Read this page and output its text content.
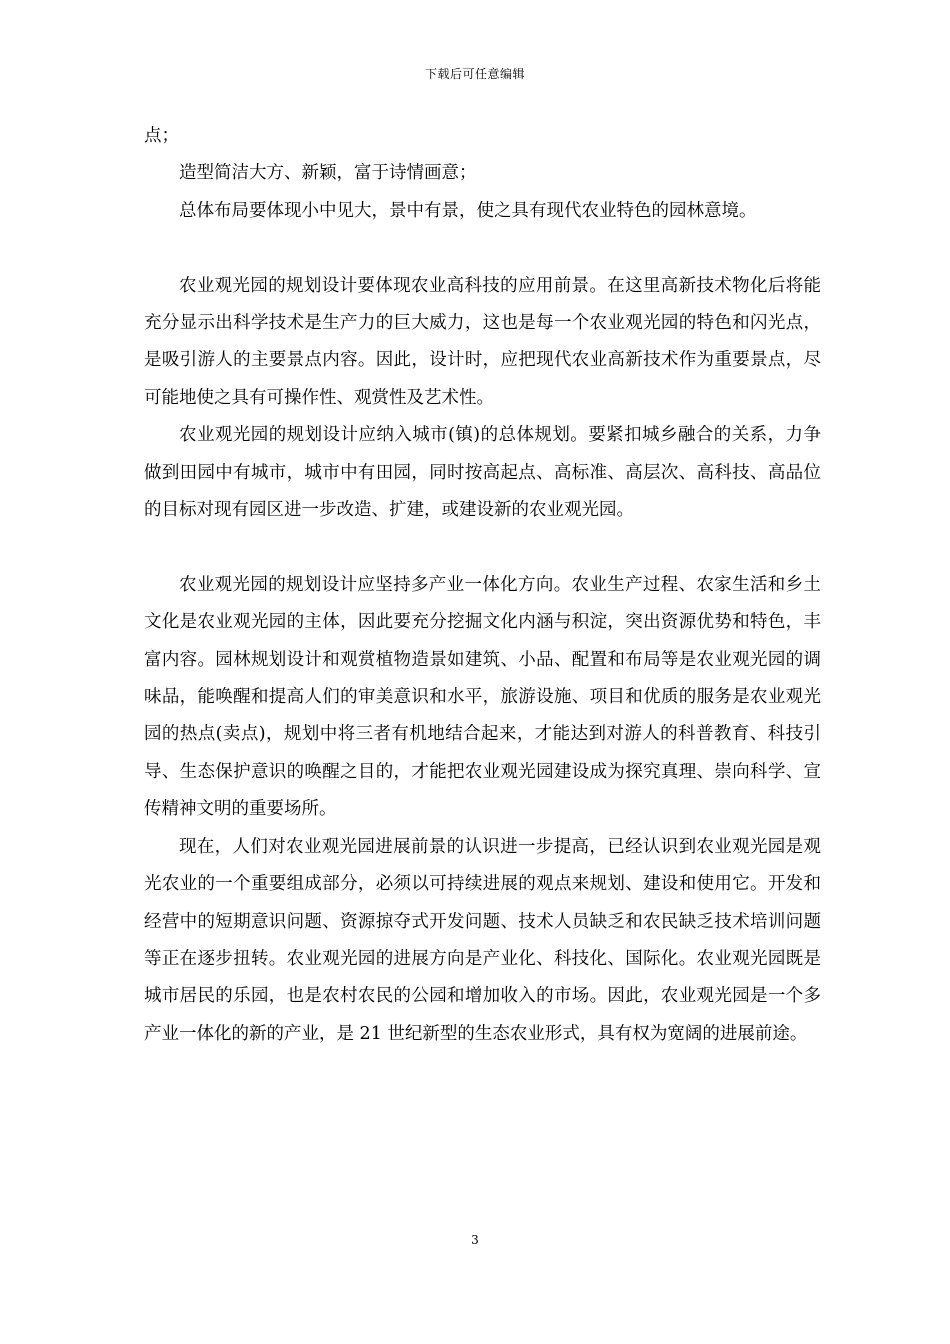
下载后可任意编辑

点；

造型简洁大方、新颖，富于诗情画意；

总体布局要体现小中见大，景中有景，使之具有现代农业特色的园林意境。

农业观光园的规划设计要体现农业高科技的应用前景。在这里高新技术物化后将能充分显示出科学技术是生产力的巨大威力，这也是每一个农业观光园的特色和闪光点，是吸引游人的主要景点内容。因此，设计时，应把现代农业高新技术作为重要景点，尽可能地使之具有可操作性、观赏性及艺术性。

农业观光园的规划设计应纳入城市(镇)的总体规划。要紧扣城乡融合的关系，力争做到田园中有城市，城市中有田园，同时按高起点、高标准、高层次、高科技、高品位的目标对现有园区进一步改造、扩建，或建设新的农业观光园。

农业观光园的规划设计应坚持多产业一体化方向。农业生产过程、农家生活和乡土文化是农业观光园的主体，因此要充分挖掘文化内涵与积淀，突出资源优势和特色，丰富内容。园林规划设计和观赏植物造景如建筑、小品、配置和布局等是农业观光园的调味品，能唤醒和提高人们的审美意识和水平，旅游设施、项目和优质的服务是农业观光园的热点(卖点)，规划中将三者有机地结合起来，才能达到对游人的科普教育、科技引导、生态保护意识的唤醒之目的，才能把农业观光园建设成为探究真理、崇向科学、宣传精神文明的重要场所。

现在，人们对农业观光园进展前景的认识进一步提高，已经认识到农业观光园是观光农业的一个重要组成部分，必须以可持续进展的观点来规划、建设和使用它。开发和经营中的短期意识问题、资源掠夺式开发问题、技术人员缺乏和农民缺乏技术培训问题等正在逐步扭转。农业观光园的进展方向是产业化、科技化、国际化。农业观光园既是城市居民的乐园，也是农村农民的公园和增加收入的市场。因此，农业观光园是一个多产业一体化的新的产业，是 21 世纪新型的生态农业形式，具有权为宽阔的进展前途。

3
